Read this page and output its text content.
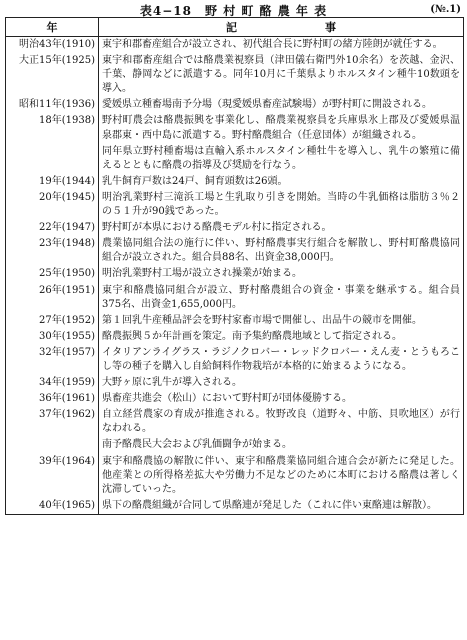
表4−18　野 村 町 酪 農 年 表	(№.1)
年	記　　　　　　　　事
明治43年(1910)	東宇和郡畜産組合が設立され、初代組合長に野村町の緒方陸朗が就任する。
大正15年(1925)	東宇和郡畜産組合では酪農業視察員（津田儀右衛門外10余名）を茨越、金沢、千葉、静岡などに派遣する。同年10月に千葉県よりホルスタイン種牛10数頭を導入。
昭和11年(1936)	愛媛県立種畜場南予分場（現愛媛県畜産試験場）が野村町に開設される。
18年(1938)	野村町農会は酪農振興を事業化し、酪農業視察員を兵庫県氷上郡及び愛媛県温泉郡東・西中島に派遣する。野村酪農組合（任意団体）が組織される。
	同年県立野村種畜場は直輸入系ホルスタイン種牡牛を導入し、乳牛の繁殖に備えるとともに酪農の指導及び奨励を行なう。
19年(1944)	乳牛飼育戸数は24戸、飼育頭数は26頭。
20年(1945)	明治乳業野村三滝浜工場と生乳取り引きを開始。当時の牛乳価格は脂肪３％２の５１升が90銭であった。
22年(1947)	野村町が本県における酪農モデル村に指定される。
23年(1948)	農業協同組合法の施行に伴い、野村酪農事実行組合を解散し、野村町酪農協同組合が設立された。組合員88名、出資金38,000円。
25年(1950)	明治乳業野村工場が設立され操業が始まる。
26年(1951)	東宇和酪農協同組合が設立、野村酪農組合の資金・事業を継承する。組合員375名、出資金1,655,000円。
27年(1952)	第１回乳牛産種品評会を野村家畜市場で開催し、出品牛の競市を開催。
30年(1955)	酪農振興５か年計画を策定。南予集約酪農地域として指定される。
32年(1957)	イタリアンライグラス・ラジノクロバー・レッドクロバー・えん麦・とうもろこし等の種子を購入し自給飼料作物栽培が本格的に始まるようになる。
34年(1959)	大野ヶ原に乳牛が導入される。
36年(1961)	県畜産共進会（松山）において野村町が団体優勝する。
37年(1962)	自立経営農家の育成が推進される。牧野改良（道野々、中筋、貝吹地区）が行なわれる。
	南予酪農民大会および乳価闘争が始まる。
39年(1964)	東宇和酪農協の解散に伴い、東宇和酪農業協同組合連合会が新たに発足した。他産業との所得格差拡大や労働力不足などのために本町における酪農は著しく沈滞していった。
40年(1965)	県下の酪農組織が合同して県酪連が発足した（これに伴い東酪連は解散）。
